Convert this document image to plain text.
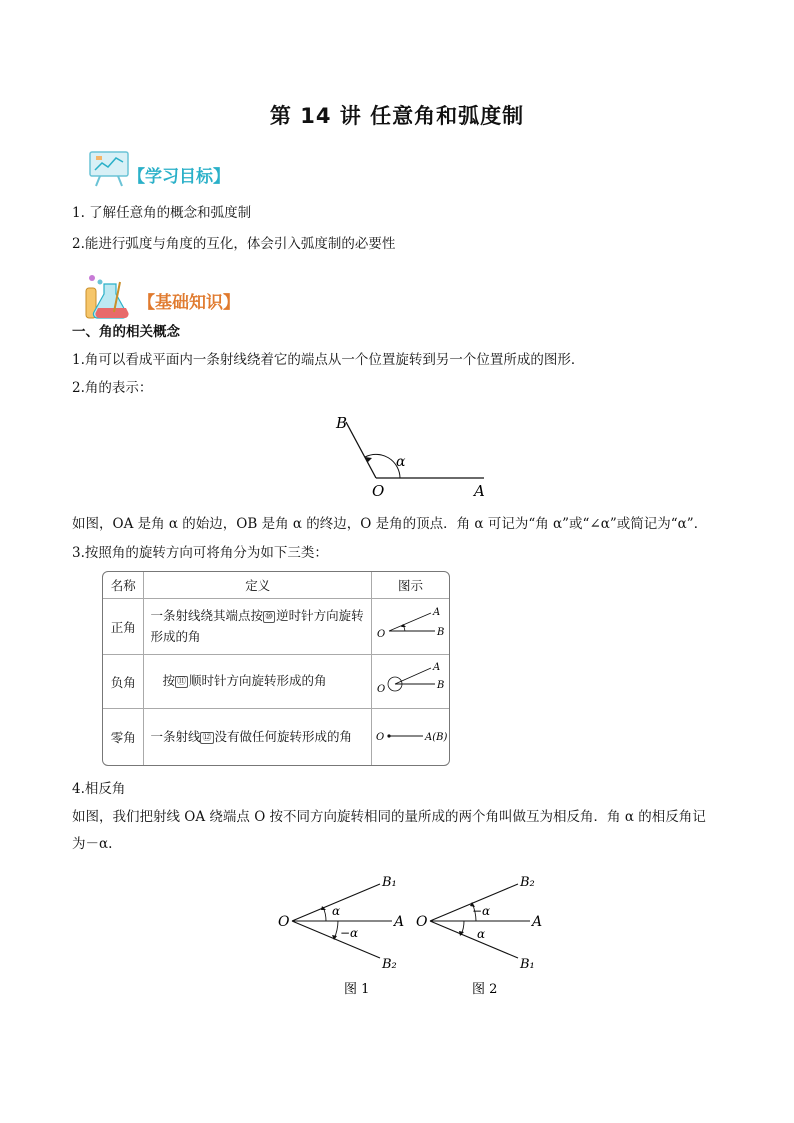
第 14 讲 任意角和弧度制
【学习目标】
1. 了解任意角的概念和弧度制
2.能进行弧度与角度的互化，体会引入弧度制的必要性
【基础知识】
一、角的相关概念
1.角可以看成平面内一条射线绕着它的端点从一个位置旋转到另一个位置所成的图形．
2.角的表示：
B
O	A
α
如图，OA 是角 α 的始边，OB 是角 α 的终边，O 是角的顶点．角 α 可记为“角 α”或“∠α”或简记为“α”．
3.按照角的旋转方向可将角分为如下三类：
名称	定义	图示
正角	一条射线绕其端点按 ⑩ 逆时针方向旋转形成的角	O
A
B

负角	按 ⑪ 顺时针方向旋转形成的角	O
A
B

零角	一条射线 ⑫ 没有做任何旋转形成的角	O A(B)
4.相反角
如图，我们把射线 OA 绕端点 O 按不同方向旋转相同的量所成的两个角叫做互为相反角．角 α 的相反角记
为－α.
O	A
B₁
B₂
α
−α
图 1
O	A
B₂
B₁
−α
α
图 2
